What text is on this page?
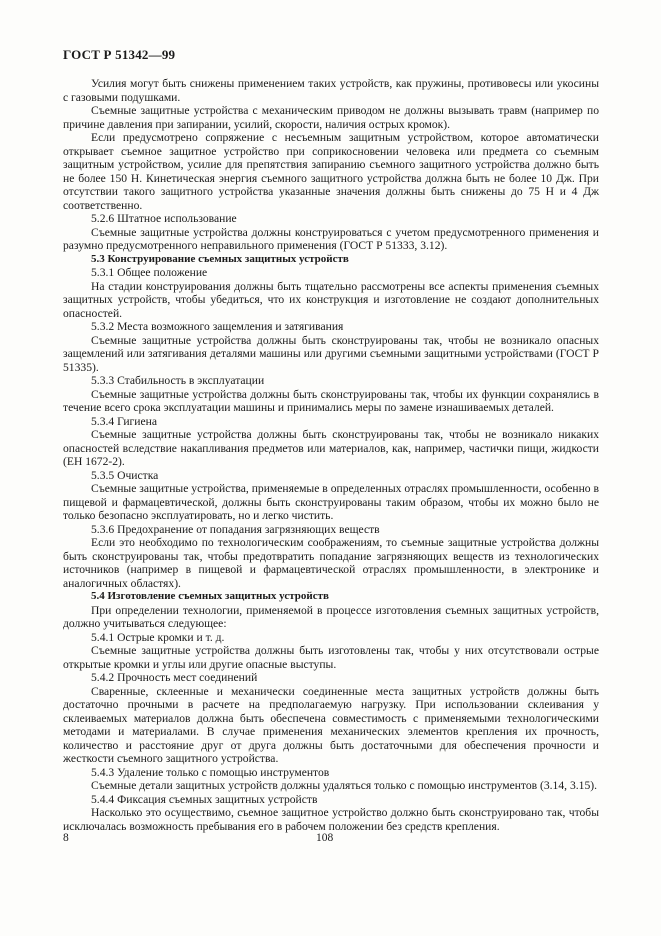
ГОСТ Р 51342—99

Усилия могут быть снижены применением таких устройств, как пружины, противовесы или укосины с газовыми подушками.

Съемные защитные устройства с механическим приводом не должны вызывать травм (например по причине давления при запирании, усилий, скорости, наличия острых кромок).

Если предусмотрено сопряжение с несъемным защитным устройством, которое автоматически открывает съемное защитное устройство при соприкосновении человека или предмета со съемным защитным устройством, усилие для препятствия запиранию съемного защитного устройства должно быть не более 150 Н. Кинетическая энергия съемного защитного устройства должна быть не более 10 Дж. При отсутствии такого защитного устройства указанные значения должны быть снижены до 75 Н и 4 Дж соответственно.

5.2.6 Штатное использование

Съемные защитные устройства должны конструироваться с учетом предусмотренного применения и разумно предусмотренного неправильного применения (ГОСТ Р 51333, 3.12).

5.3 Конструирование съемных защитных устройств

5.3.1 Общее положение

На стадии конструирования должны быть тщательно рассмотрены все аспекты применения съемных защитных устройств, чтобы убедиться, что их конструкция и изготовление не создают дополнительных опасностей.

5.3.2 Места возможного защемления и затягивания

Съемные защитные устройства должны быть сконструированы так, чтобы не возникало опасных защемлений или затягивания деталями машины или другими съемными защитными устройствами (ГОСТ Р 51335).

5.3.3 Стабильность в эксплуатации

Съемные защитные устройства должны быть сконструированы так, чтобы их функции сохранялись в течение всего срока эксплуатации машины и принимались меры по замене изнашиваемых деталей.

5.3.4 Гигиена

Съемные защитные устройства должны быть сконструированы так, чтобы не возникало никаких опасностей вследствие накапливания предметов или материалов, как, например, частички пищи, жидкости (ЕН 1672-2).

5.3.5 Очистка

Съемные защитные устройства, применяемые в определенных отраслях промышленности, особенно в пищевой и фармацевтической, должны быть сконструированы таким образом, чтобы их можно было не только безопасно эксплуатировать, но и легко чистить.

5.3.6 Предохранение от попадания загрязняющих веществ

Если это необходимо по технологическим соображениям, то съемные защитные устройства должны быть сконструированы так, чтобы предотвратить попадание загрязняющих веществ из технологических источников (например в пищевой и фармацевтической отраслях промышленности, в электронике и аналогичных областях).

5.4 Изготовление съемных защитных устройств

При определении технологии, применяемой в процессе изготовления съемных защитных устройств, должно учитываться следующее:

5.4.1 Острые кромки и т. д.

Съемные защитные устройства должны быть изготовлены так, чтобы у них отсутствовали острые открытые кромки и углы или другие опасные выступы.

5.4.2 Прочность мест соединений

Сваренные, склеенные и механически соединенные места защитных устройств должны быть достаточно прочными в расчете на предполагаемую нагрузку. При использовании склеивания у склеиваемых материалов должна быть обеспечена совместимость с применяемыми технологическими методами и материалами. В случае применения механических элементов крепления их прочность, количество и расстояние друг от друга должны быть достаточными для обеспечения прочности и жесткости съемного защитного устройства.

5.4.3 Удаление только с помощью инструментов

Съемные детали защитных устройств должны удаляться только с помощью инструментов (3.14, 3.15).

5.4.4 Фиксация съемных защитных устройств

Насколько это осуществимо, съемное защитное устройство должно быть сконструировано так, чтобы исключалась возможность пребывания его в рабочем положении без средств крепления.

8	108
